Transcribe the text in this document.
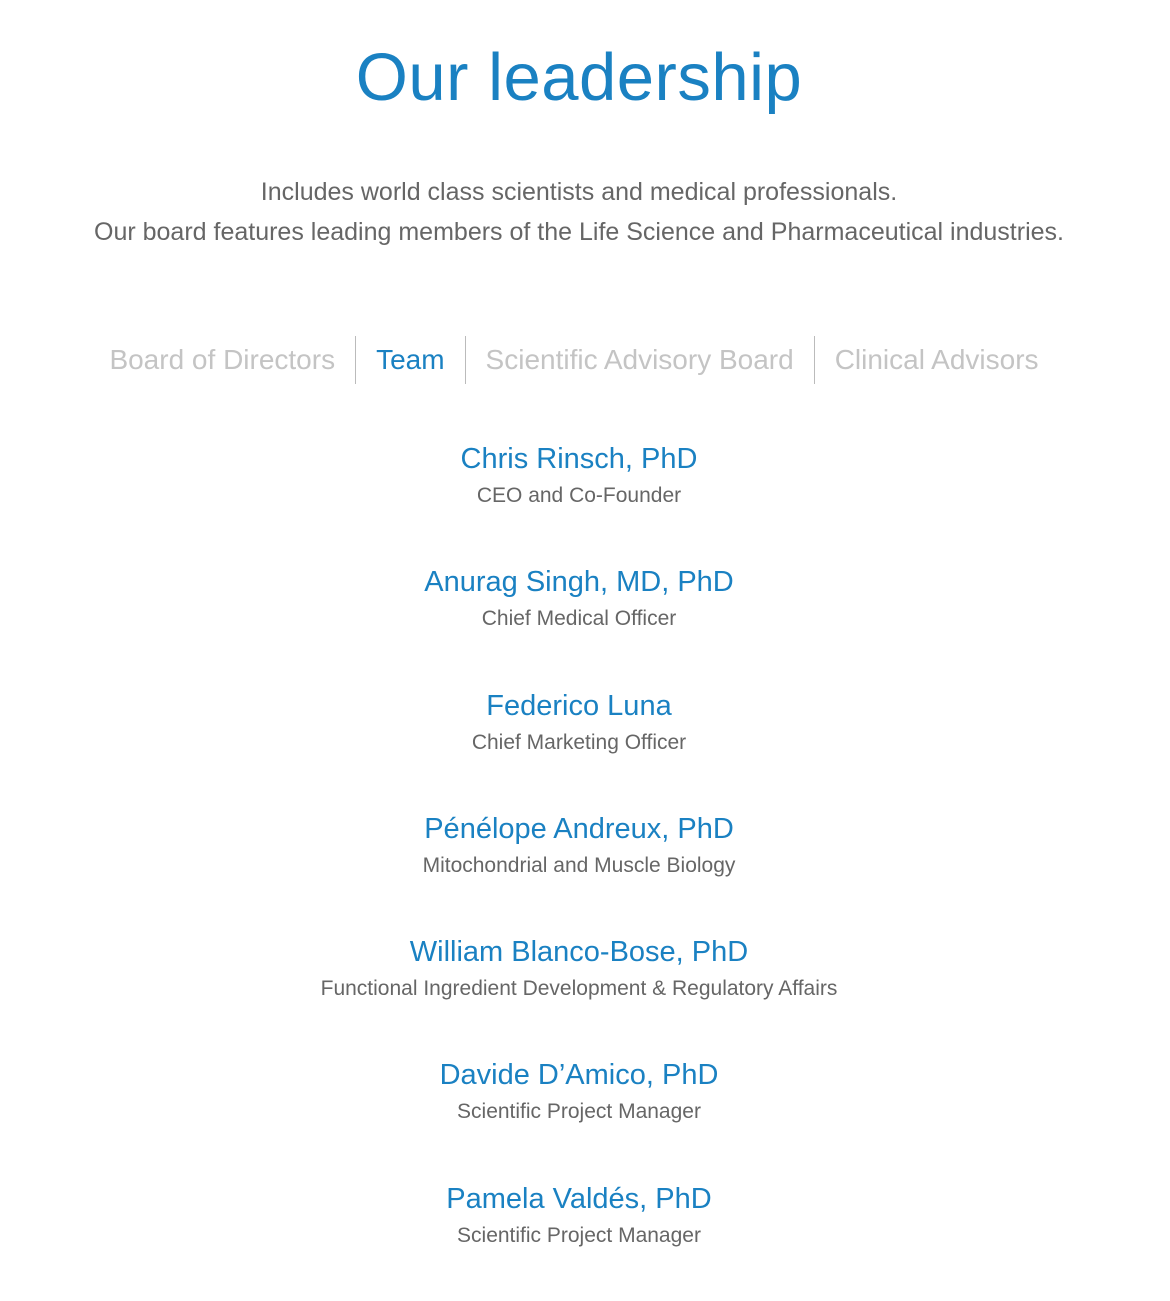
Our leadership

Includes world class scientists and medical professionals.

Our board features leading members of the Life Science and Pharmaceutical industries.

Board of Directors	Team	Scientific Advisory Board	Clinical Advisors
Chris Rinsch, PhD
CEO and Co-Founder
Anurag Singh, MD, PhD
Chief Medical Officer
Federico Luna
Chief Marketing Officer
Pénélope Andreux, PhD
Mitochondrial and Muscle Biology
William Blanco-Bose, PhD
Functional Ingredient Development & Regulatory Affairs
Davide D’Amico, PhD
Scientific Project Manager
Pamela Valdés, PhD
Scientific Project Manager
